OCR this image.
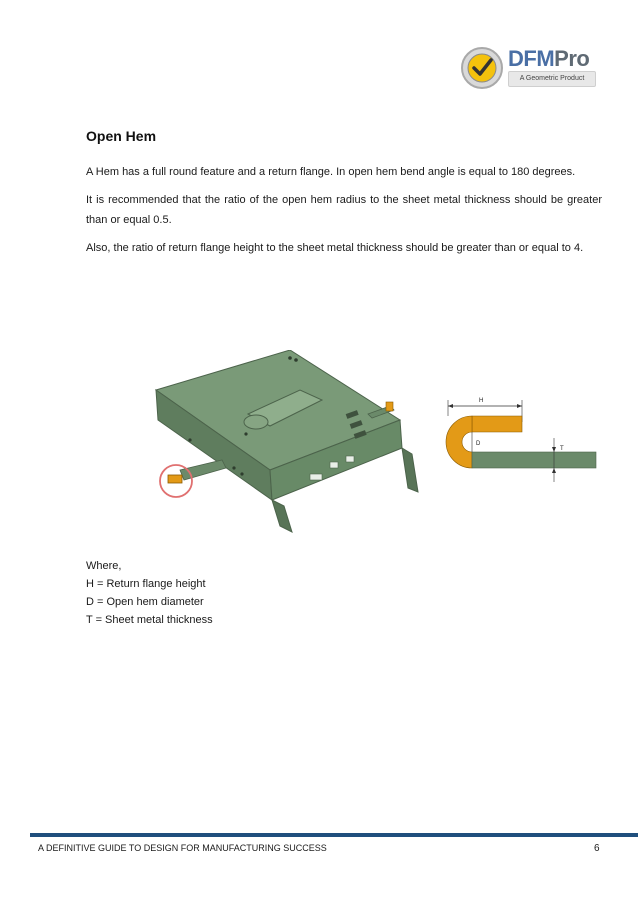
DFMPro
A Geometric Product
Open Hem

A Hem has a full round feature and a return flange. In open hem bend angle is equal to 180 degrees.

It is recommended that the ratio of the open hem radius to the sheet metal thickness should be greater than or equal 0.5.

Also, the ratio of return flange height to the sheet metal thickness should be greater than or equal to 4.

H
D
T
Where,
H = Return flange height
D = Open hem diameter
T = Sheet metal thickness
A DEFINITIVE GUIDE TO DESIGN FOR MANUFACTURING SUCCESS	6
